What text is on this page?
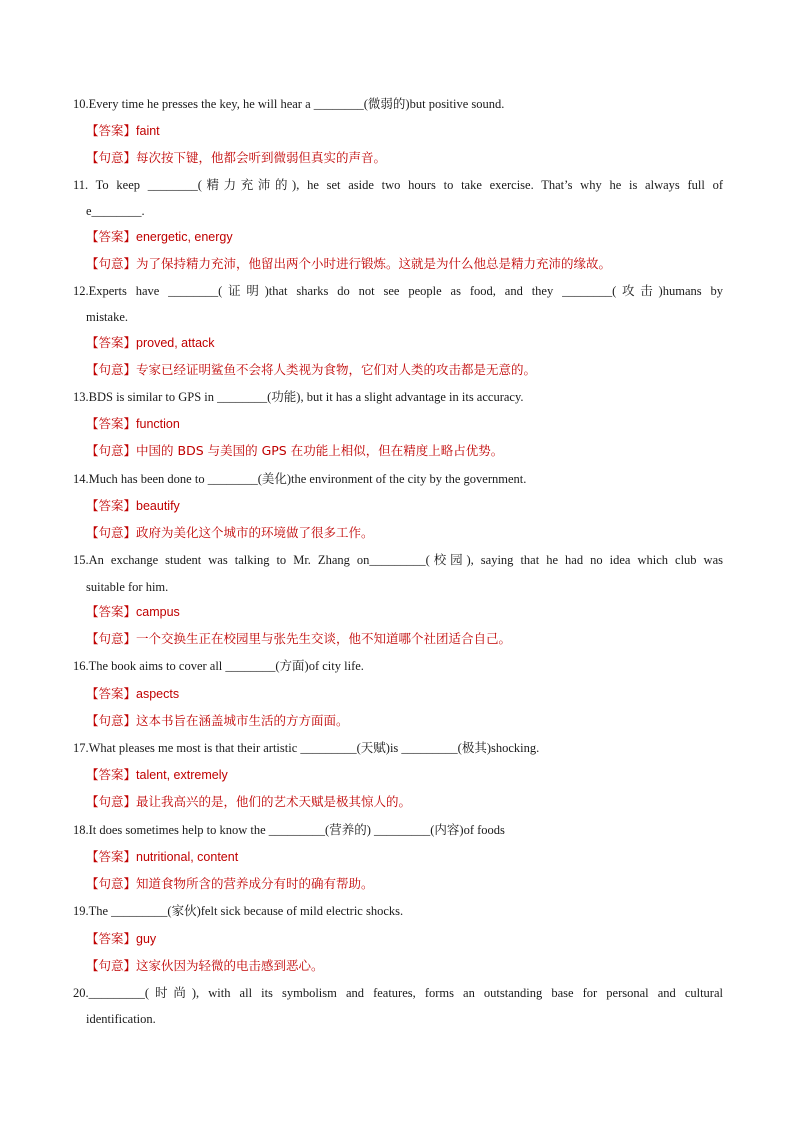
10.Every time he presses the key, he will hear a ________(微弱的)but positive sound.
【答案】faint
【句意】每次按下键，他都会听到微弱但真实的声音。
11. To keep ________(精力充沛的), he set aside two hours to take exercise. That’s why he is always full of
e________.
【答案】energetic, energy
【句意】为了保持精力充沛，他留出两个小时进行锻炼。这就是为什么他总是精力充沛的缘故。
12.Experts have ________(证明)that sharks do not see people as food, and they ________(攻击)humans by
mistake.
【答案】proved, attack
【句意】专家已经证明鲨鱼不会将人类视为食物，它们对人类的攻击都是无意的。
13.BDS is similar to GPS in ________(功能), but it has a slight advantage in its accuracy.
【答案】function
【句意】中国的 BDS 与美国的 GPS 在功能上相似，但在精度上略占优势。
14.Much has been done to ________(美化)the environment of the city by the government.
【答案】beautify
【句意】政府为美化这个城市的环境做了很多工作。
15.An exchange student was talking to Mr. Zhang on_________(校园), saying that he had no idea which club was
suitable for him.
【答案】campus
【句意】一个交换生正在校园里与张先生交谈，他不知道哪个社团适合自己。
16.The book aims to cover all ________(方面)of city life.
【答案】aspects
【句意】这本书旨在涵盖城市生活的方方面面。
17.What pleases me most is that their artistic _________(天赋)is _________(极其)shocking.
【答案】talent, extremely
【句意】最让我高兴的是，他们的艺术天赋是极其惊人的。
18.It does sometimes help to know the _________(营养的) _________(内容)of foods
【答案】nutritional, content
【句意】知道食物所含的营养成分有时的确有帮助。
19.The _________(家伙)felt sick because of mild electric shocks.
【答案】guy
【句意】这家伙因为轻微的电击感到恶心。
20._________(时尚), with all its symbolism and features, forms an outstanding base for personal and cultural
identification.
